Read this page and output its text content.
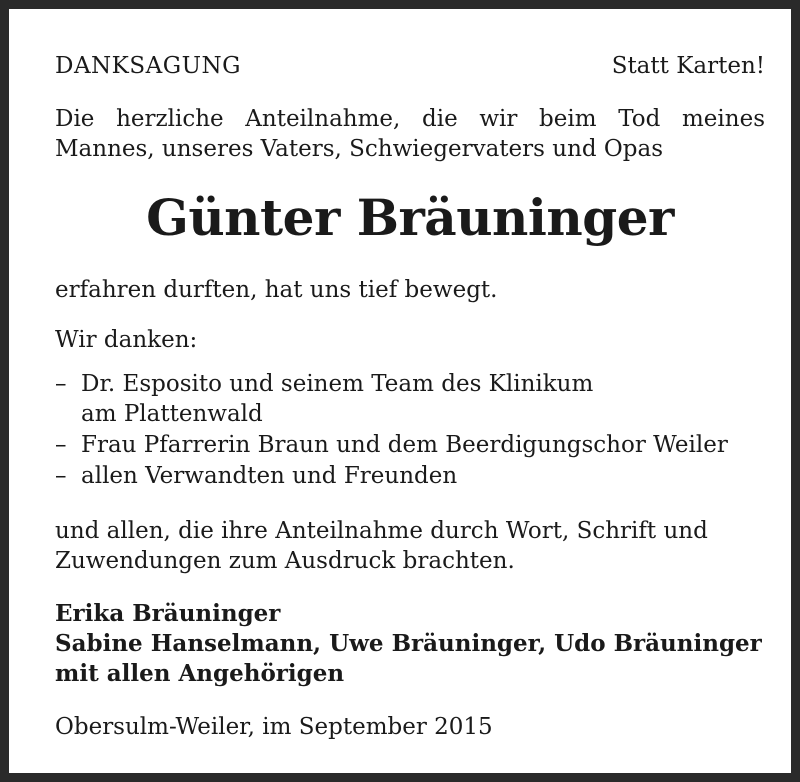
DANKSAGUNG	Statt Karten!
Die herzliche Anteilnahme, die wir beim Tod meines
Mannes, unseres Vaters, Schwiegervaters und Opas
Günter Bräuninger
erfahren durften, hat uns tief bewegt.
Wir danken:
– Dr. Esposito und seinem Team des Klinikum
am Plattenwald
– Frau Pfarrerin Braun und dem Beerdigungschor Weiler
– allen Verwandten und Freunden
und allen, die ihre Anteilnahme durch Wort, Schrift und
Zuwendungen zum Ausdruck brachten.
Erika Bräuninger
Sabine Hanselmann, Uwe Bräuninger, Udo Bräuninger
mit allen Angehörigen
Obersulm-Weiler, im September 2015
